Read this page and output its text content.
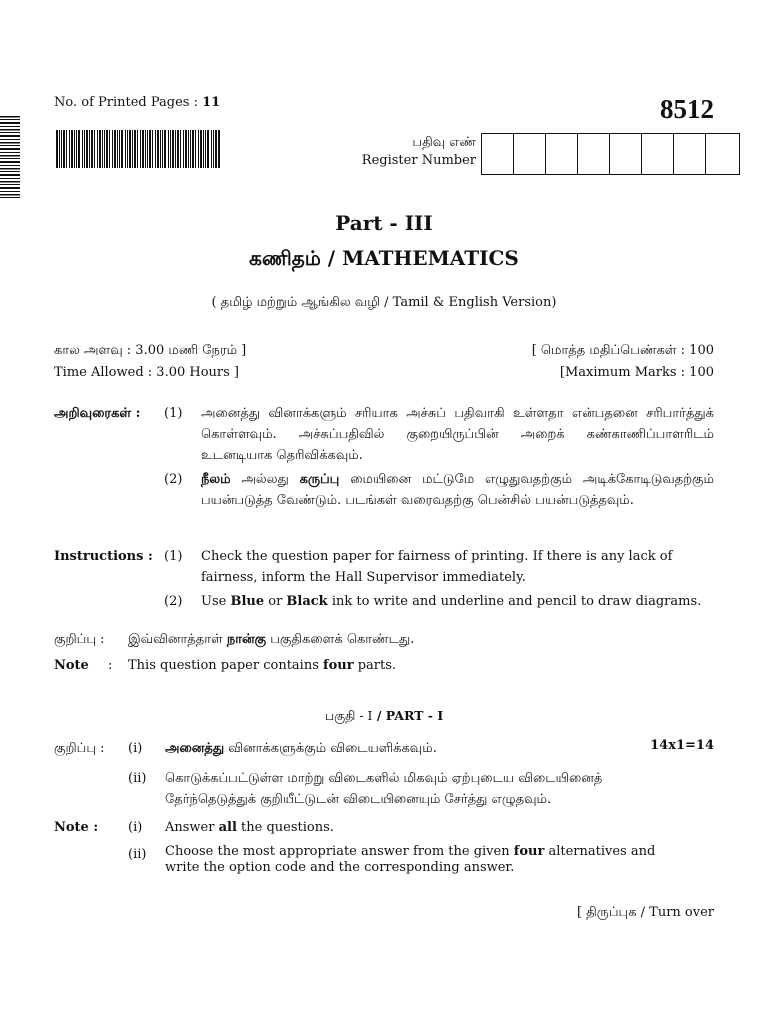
No. of Printed Pages : 11	8512
பதிவு எண்
Register Number
Part - III
கணிதம் / MATHEMATICS
( தமிழ் மற்றும் ஆங்கில வழி / Tamil & English Version)
கால அளவு : 3.00 மணி நேரம் ]	[ மொத்த மதிப்பெண்கள் : 100
Time Allowed : 3.00 Hours ]	[Maximum Marks : 100
அறிவுரைகள் : (1) அனைத்து வினாக்களும் சரியாக அச்சுப் பதிவாகி உள்ளதா என்பதனை சரிபார்த்துக் கொள்ளவும். அச்சுப்பதிவில் குறையிருப்பின் அறைக் கண்காணிப்பாளரிடம் உடனடியாக தெரிவிக்கவும்.
(2) நீலம் அல்லது கருப்பு மையினை மட்டுமே எழுதுவதற்கும் அடிக்கோடிடுவதற்கும் பயன்படுத்த வேண்டும். படங்கள் வரைவதற்கு பென்சில் பயன்படுத்தவும்.
Instructions : (1) Check the question paper for fairness of printing. If there is any lack of fairness, inform the Hall Supervisor immediately.
(2) Use Blue or Black ink to write and underline and pencil to draw diagrams.
குறிப்பு : இவ்வினாத்தாள் நான்கு பகுதிகளைக் கொண்டது.
Note : This question paper contains four parts.
பகுதி - I / PART - I
குறிப்பு : (i) அனைத்து வினாக்களுக்கும் விடையளிக்கவும்.	14x1=14
(ii) கொடுக்கப்பட்டுள்ள மாற்று விடைகளில் மிகவும் ஏற்புடைய விடையினைத் தேர்ந்தெடுத்துக் குறியீட்டுடன் விடையினையும் சேர்த்து எழுதவும்.
Note : (i) Answer all the questions.
(ii) Choose the most appropriate answer from the given four alternatives and write the option code and the corresponding answer.
[ திருப்புக / Turn over
